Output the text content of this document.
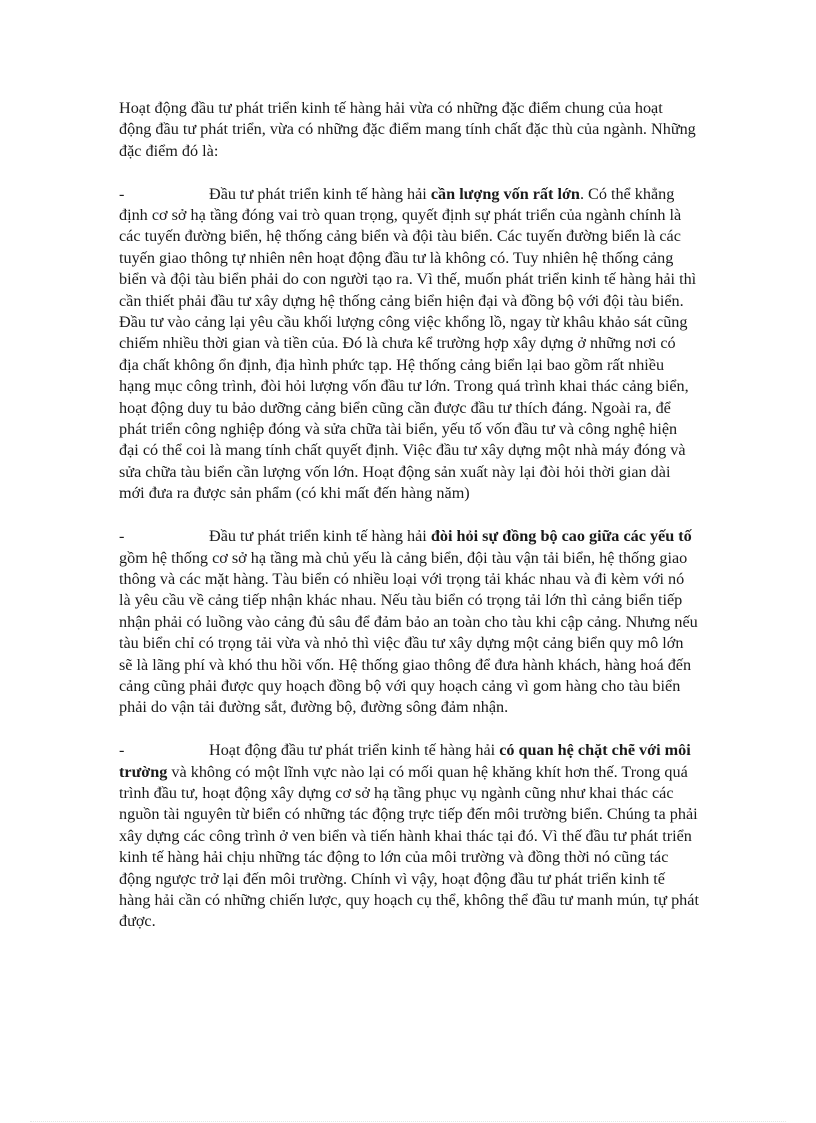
Hoạt động đầu tư phát triển kinh tế hàng hải vừa có những đặc điểm chung của hoạt động đầu tư phát triển, vừa có những đặc điểm mang tính chất đặc thù của ngành. Những đặc điểm đó là:

-	Đầu tư phát triển kinh tế hàng hải cần lượng vốn rất lớn. Có thể khẳng định cơ sở hạ tầng đóng vai trò quan trọng, quyết định sự phát triển của ngành chính là các tuyến đường biển, hệ thống cảng biển và đội tàu biển. Các tuyến đường biển là các tuyến giao thông tự nhiên nên hoạt động đầu tư là không có. Tuy nhiên hệ thống cảng biển và đội tàu biển phải do con người tạo ra. Vì thế, muốn phát triển kinh tế hàng hải thì cần thiết phải đầu tư xây dựng hệ thống cảng biển hiện đại và đồng bộ với đội tàu biển. Đầu tư vào cảng lại yêu cầu khối lượng công việc khổng lồ, ngay từ khâu khảo sát cũng chiếm nhiều thời gian và tiền của. Đó là chưa kể trường hợp xây dựng ở những nơi có địa chất không ổn định, địa hình phức tạp. Hệ thống cảng biển lại bao gồm rất nhiều hạng mục công trình, đòi hỏi lượng vốn đầu tư lớn. Trong quá trình khai thác cảng biển, hoạt động duy tu bảo dưỡng cảng biển cũng cần được đầu tư thích đáng. Ngoài ra, để phát triển công nghiệp đóng và sửa chữa tài biển, yếu tố vốn đầu tư và công nghệ hiện đại có thể coi là mang tính chất quyết định. Việc đầu tư xây dựng một nhà máy đóng và sửa chữa tàu biển cần lượng vốn lớn. Hoạt động sản xuất này lại đòi hỏi thời gian dài mới đưa ra được sản phẩm (có khi mất đến hàng năm)

-	Đầu tư phát triển kinh tế hàng hải đòi hỏi sự đồng bộ cao giữa các yếu tố gồm hệ thống cơ sở hạ tầng mà chủ yếu là cảng biển, đội tàu vận tải biển, hệ thống giao thông và các mặt hàng. Tàu biển có nhiều loại với trọng tải khác nhau và đi kèm với nó là yêu cầu về cảng tiếp nhận khác nhau. Nếu tàu biển có trọng tải lớn thì cảng biển tiếp nhận phải có luồng vào cảng đủ sâu để đảm bảo an toàn cho tàu khi cập cảng. Nhưng nếu tàu biển chỉ có trọng tải vừa và nhỏ thì việc đầu tư xây dựng một cảng biển quy mô lớn sẽ là lãng phí và khó thu hồi vốn. Hệ thống giao thông để đưa hành khách, hàng hoá đến cảng cũng phải được quy hoạch đồng bộ với quy hoạch cảng vì gom hàng cho tàu biển phải do vận tải đường sắt, đường bộ, đường sông đảm nhận.

-	Hoạt động đầu tư phát triển kinh tế hàng hải có quan hệ chặt chẽ với môi trường và không có một lĩnh vực nào lại có mối quan hệ khăng khít hơn thế. Trong quá trình đầu tư, hoạt động xây dựng cơ sở hạ tầng phục vụ ngành cũng như khai thác các nguồn tài nguyên từ biển có những tác động trực tiếp đến môi trường biển. Chúng ta phải xây dựng các công trình ở ven biển và tiến hành khai thác tại đó. Vì thế đầu tư phát triển kinh tế hàng hải chịu những tác động to lớn của môi trường và đồng thời nó cũng tác động ngược trở lại đến môi trường. Chính vì vậy, hoạt động đầu tư phát triển kinh tế hàng hải cần có những chiến lược, quy hoạch cụ thể, không thể đầu tư manh mún, tự phát được.
